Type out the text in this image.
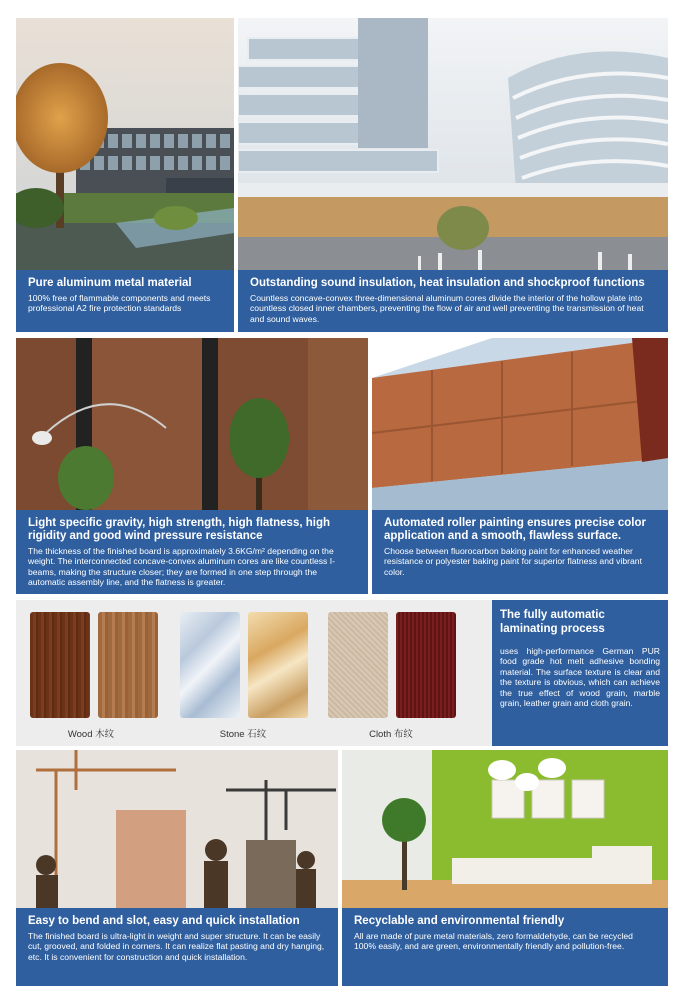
Pure aluminum metal material

100% free of flammable components and meets professional A2 fire protection standards

Outstanding sound insulation, heat insulation and shockproof functions

Countless concave-convex three-dimensional aluminum cores divide the interior of the hollow plate into countless closed inner chambers, preventing the flow of air and well preventing the transmission of heat and sound waves.

Light specific gravity, high strength, high flatness, high rigidity and good wind pressure resistance

The thickness of the finished board is approximately 3.6KG/m² depending on the weight. The interconnected concave-convex aluminum cores are like countless I-beams, making the structure closer; they are formed in one step through the automatic assembly line, and the flatness is greater.

Automated roller painting ensures precise color application and a smooth, flawless surface.

Choose between fluorocarbon baking paint for enhanced weather resistance or polyester baking paint for superior flatness and vibrant color.

Wood 木纹	Stone 石纹	Cloth 布纹
The fully automatic laminating process

uses high-performance German PUR food grade hot melt adhesive bonding material. The surface texture is clear and the texture is obvious, which can achieve the true effect of wood grain, marble grain, leather grain and cloth grain.

Easy to bend and slot, easy and quick installation

The finished board is ultra-light in weight and super structure. It can be easily cut, grooved, and folded in corners. It can realize flat pasting and dry hanging, etc. It is convenient for construction and quick installation.

Recyclable and environmental friendly

All are made of pure metal materials, zero formaldehyde, can be recycled 100% easily, and are green, environmentally friendly and pollution-free.
